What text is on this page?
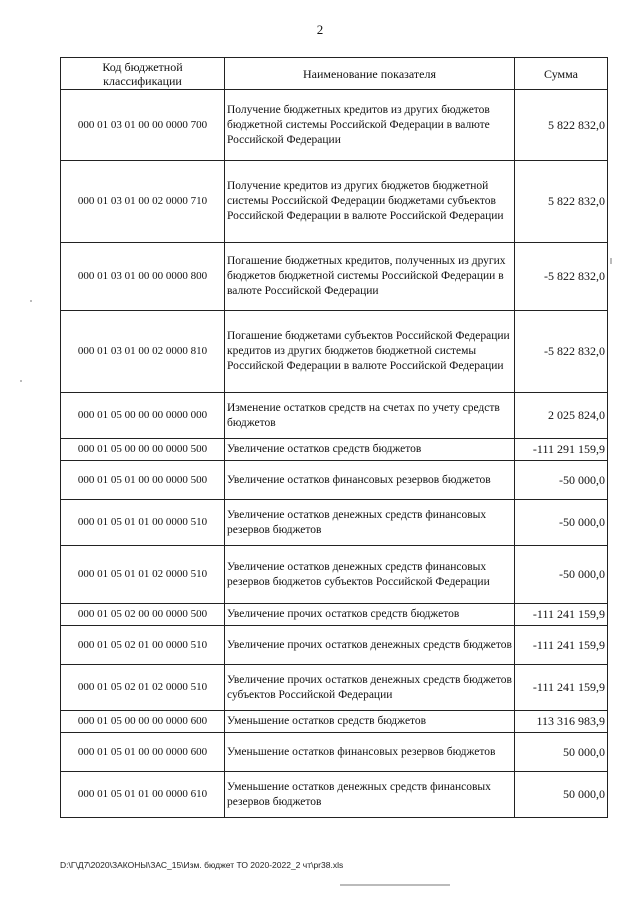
2
Код бюджетной классификации	Наименование показателя	Сумма
000 01 03 01 00 00 0000 700	Получение бюджетных кредитов из других бюджетов бюджетной системы Российской Федерации в валюте Российской Федерации	5 822 832,0
000 01 03 01 00 02 0000 710	Получение кредитов из других бюджетов бюджетной системы Российской Федерации бюджетами субъектов Российской Федерации в валюте Российской Федерации	5 822 832,0
000 01 03 01 00 00 0000 800	Погашение бюджетных кредитов, полученных из других бюджетов бюджетной системы Российской Федерации в валюте Российской Федерации	-5 822 832,0
000 01 03 01 00 02 0000 810	Погашение бюджетами субъектов Российской Федерации кредитов из других бюджетов бюджетной системы Российской Федерации в валюте Российской Федерации	-5 822 832,0
000 01 05 00 00 00 0000 000	Изменение остатков средств на счетах по учету средств бюджетов	2 025 824,0
000 01 05 00 00 00 0000 500	Увеличение остатков средств бюджетов	-111 291 159,9
000 01 05 01 00 00 0000 500	Увеличение остатков финансовых резервов бюджетов	-50 000,0
000 01 05 01 01 00 0000 510	Увеличение остатков денежных средств финансовых резервов бюджетов	-50 000,0
000 01 05 01 01 02 0000 510	Увеличение остатков денежных средств финансовых резервов бюджетов субъектов Российской Федерации	-50 000,0
000 01 05 02 00 00 0000 500	Увеличение прочих остатков средств бюджетов	-111 241 159,9
000 01 05 02 01 00 0000 510	Увеличение прочих остатков денежных средств бюджетов	-111 241 159,9
000 01 05 02 01 02 0000 510	Увеличение прочих остатков денежных средств бюджетов субъектов Российской Федерации	-111 241 159,9
000 01 05 00 00 00 0000 600	Уменьшение остатков средств бюджетов	113 316 983,9
000 01 05 01 00 00 0000 600	Уменьшение остатков финансовых резервов бюджетов	50 000,0
000 01 05 01 01 00 0000 610	Уменьшение остатков денежных средств финансовых резервов бюджетов	50 000,0
D:\Г\Д7\2020\ЗАКОНЫ\ЗАС_15\Изм. бюджет ТО 2020-2022_2 чт\pr38.xls
